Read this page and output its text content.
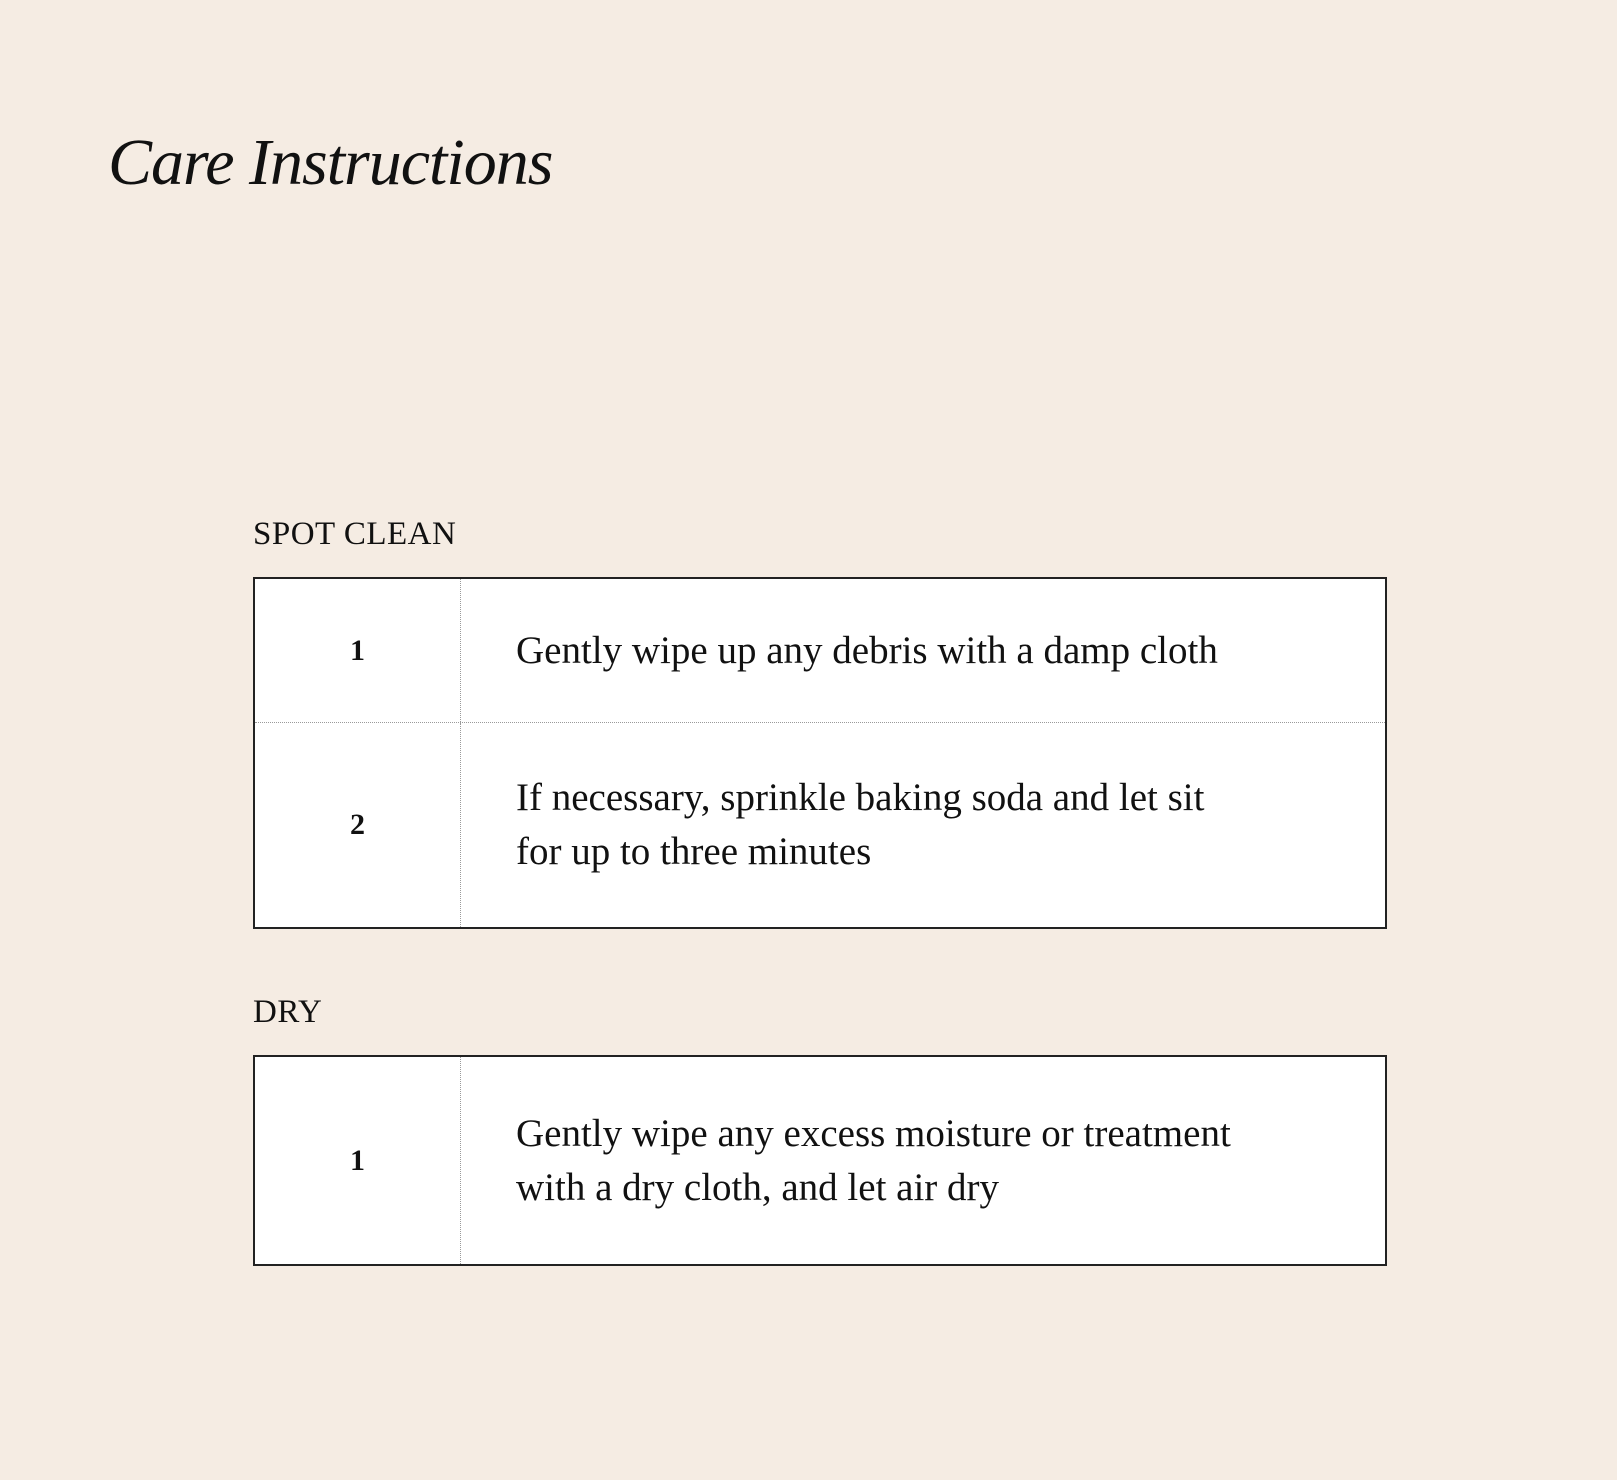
Care Instructions
SPOT CLEAN
1	Gently wipe up any debris with a damp cloth
2
If necessary, sprinkle baking soda and let sit for up to three minutes
DRY
1
Gently wipe any excess moisture or treatment with a dry cloth, and let air dry
